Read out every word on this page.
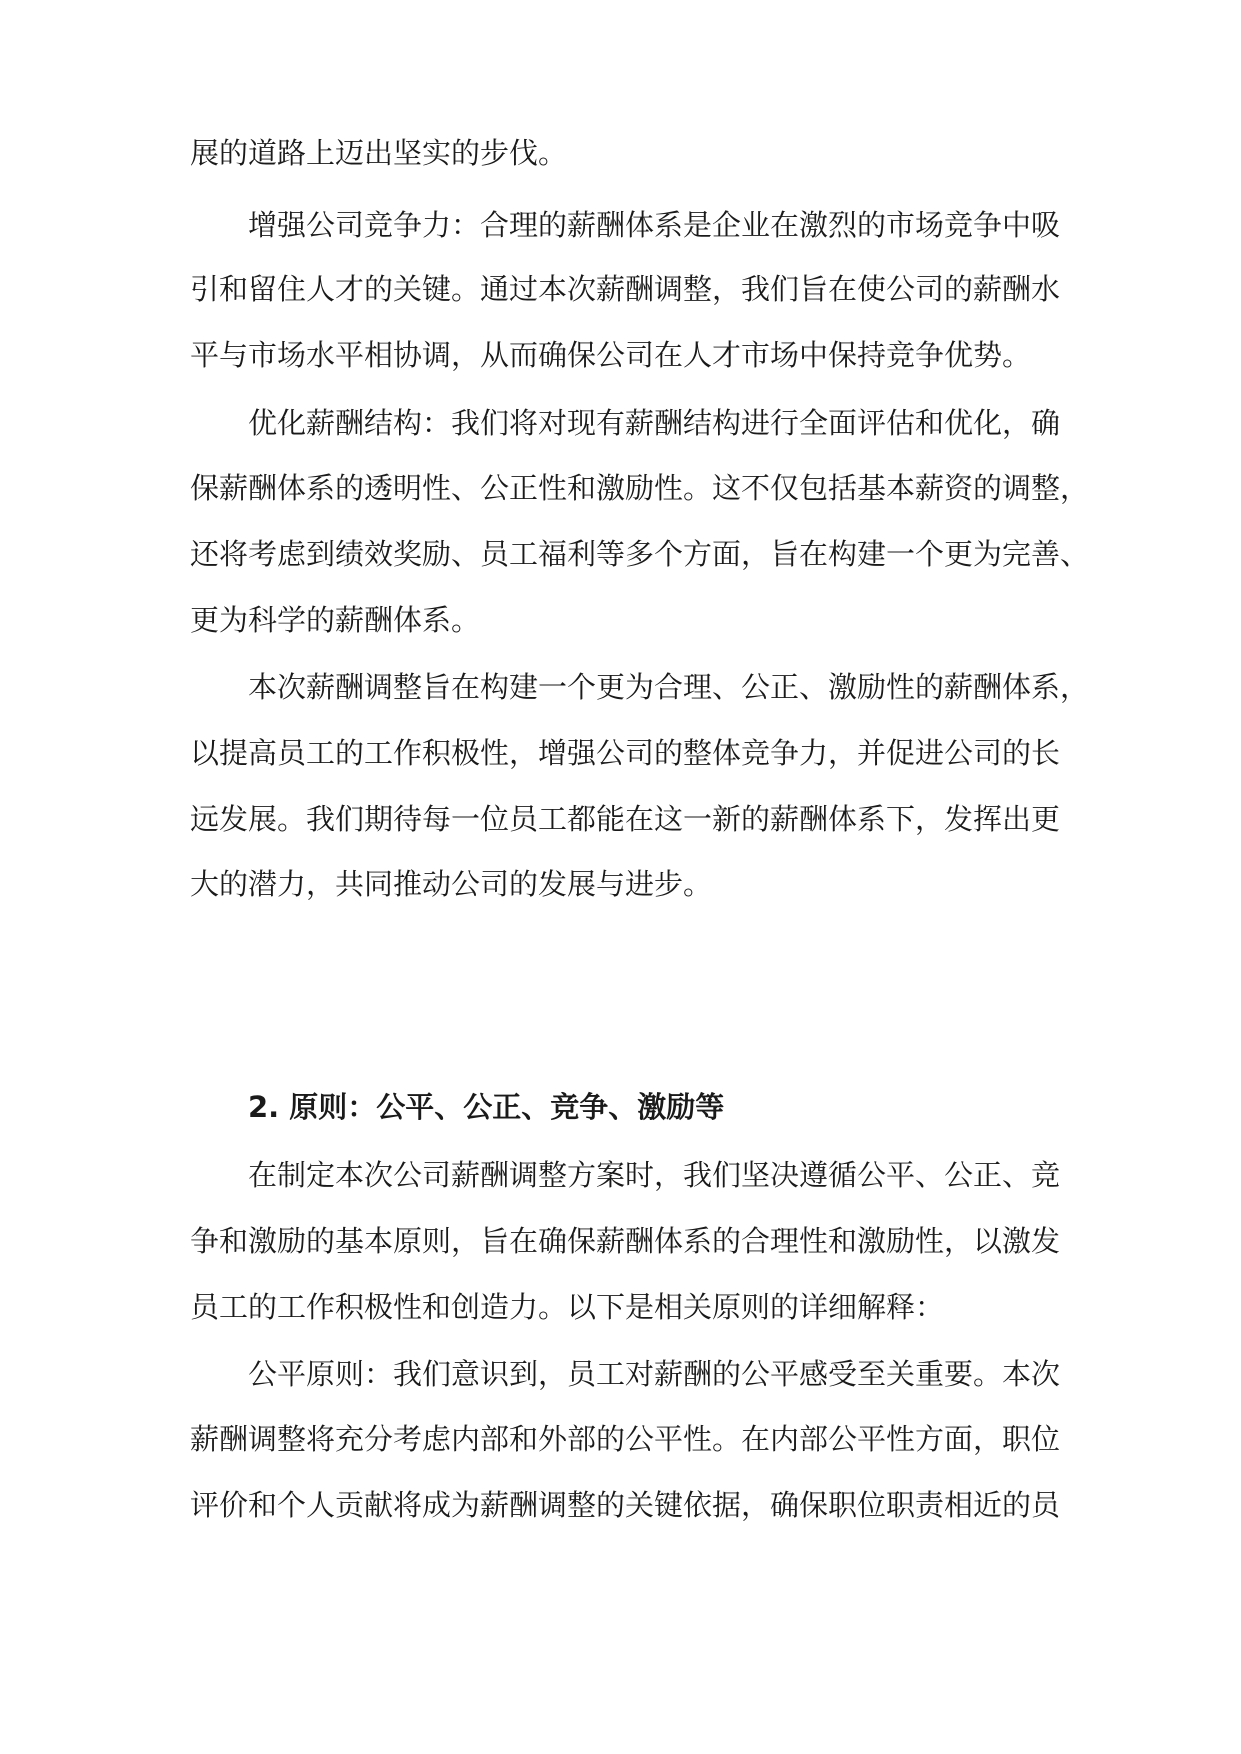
展的道路上迈出坚实的步伐。
增强公司竞争力：合理的薪酬体系是企业在激烈的市场竞争中吸
引和留住人才的关键。通过本次薪酬调整，我们旨在使公司的薪酬水
平与市场水平相协调，从而确保公司在人才市场中保持竞争优势。
优化薪酬结构：我们将对现有薪酬结构进行全面评估和优化，确
保薪酬体系的透明性、公正性和激励性。这不仅包括基本薪资的调整，
还将考虑到绩效奖励、员工福利等多个方面，旨在构建一个更为完善、
更为科学的薪酬体系。
本次薪酬调整旨在构建一个更为合理、公正、激励性的薪酬体系，
以提高员工的工作积极性，增强公司的整体竞争力，并促进公司的长
远发展。我们期待每一位员工都能在这一新的薪酬体系下，发挥出更
大的潜力，共同推动公司的发展与进步。
2. 原则：公平、公正、竞争、激励等
在制定本次公司薪酬调整方案时，我们坚决遵循公平、公正、竞
争和激励的基本原则，旨在确保薪酬体系的合理性和激励性，以激发
员工的工作积极性和创造力。以下是相关原则的详细解释：
公平原则：我们意识到，员工对薪酬的公平感受至关重要。本次
薪酬调整将充分考虑内部和外部的公平性。在内部公平性方面，职位
评价和个人贡献将成为薪酬调整的关键依据，确保职位职责相近的员
